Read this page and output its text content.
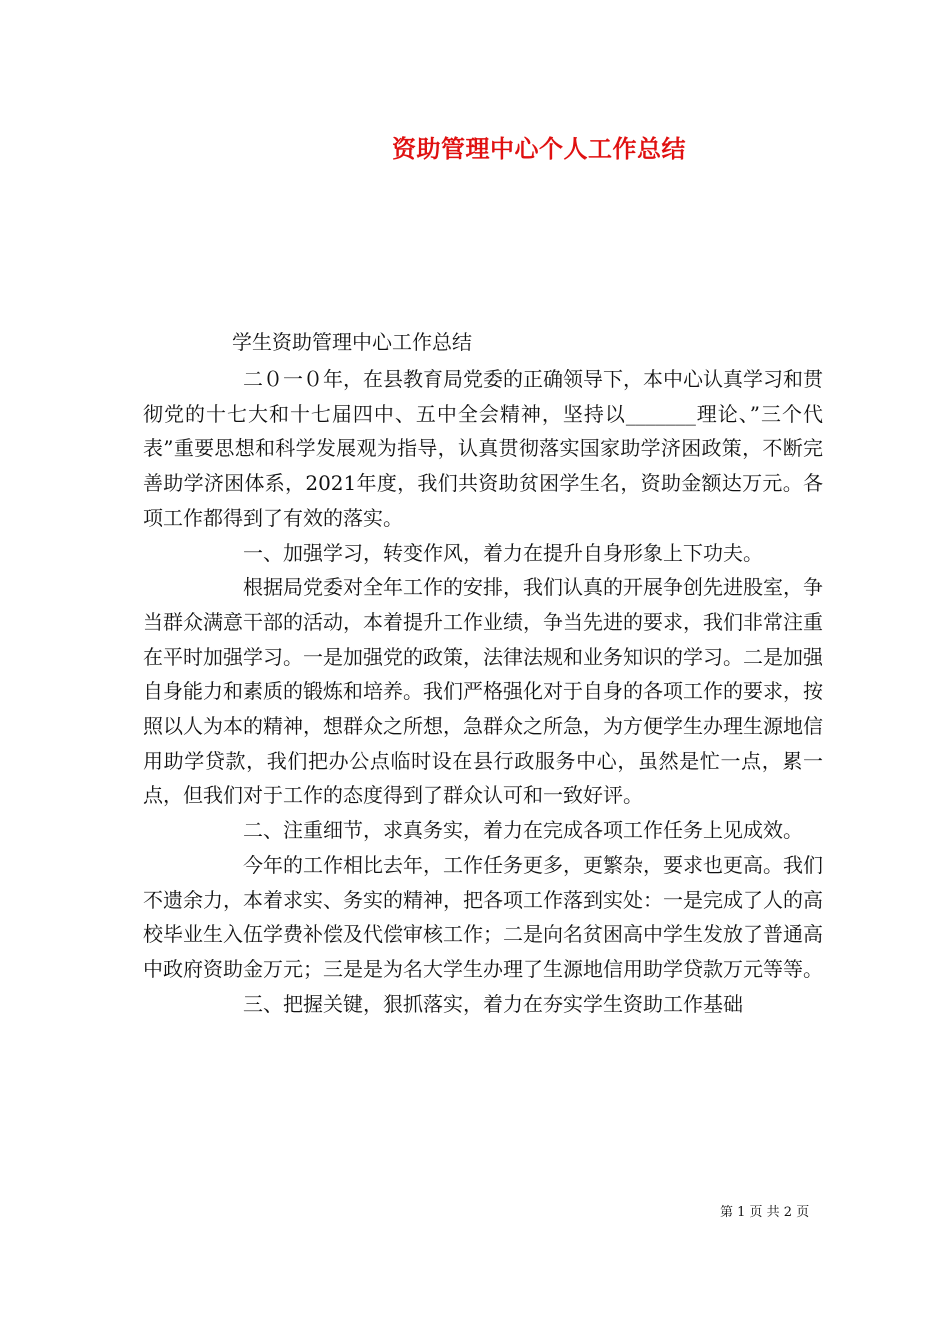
资助管理中心个人工作总结
学生资助管理中心工作总结

二０一０年，在县教育局党委的正确领导下，本中心认真学习和贯彻党的十七大和十七届四中、五中全会精神，坚持以_______理论、”三个代表”重要思想和科学发展观为指导，认真贯彻落实国家助学济困政策，不断完善助学济困体系，2021年度，我们共资助贫困学生名，资助金额达万元。各项工作都得到了有效的落实。

一、加强学习，转变作风，着力在提升自身形象上下功夫。

根据局党委对全年工作的安排，我们认真的开展争创先进股室，争当群众满意干部的活动，本着提升工作业绩，争当先进的要求，我们非常注重在平时加强学习。一是加强党的政策，法律法规和业务知识的学习。二是加强自身能力和素质的锻炼和培养。我们严格强化对于自身的各项工作的要求，按照以人为本的精神，想群众之所想，急群众之所急，为方便学生办理生源地信用助学贷款，我们把办公点临时设在县行政服务中心，虽然是忙一点，累一点，但我们对于工作的态度得到了群众认可和一致好评。

二、注重细节，求真务实，着力在完成各项工作任务上见成效。

今年的工作相比去年，工作任务更多，更繁杂，要求也更高。我们不遗余力，本着求实、务实的精神，把各项工作落到实处：一是完成了人的高校毕业生入伍学费补偿及代偿审核工作；二是向名贫困高中学生发放了普通高中政府资助金万元；三是是为名大学生办理了生源地信用助学贷款万元等等。

三、把握关键，狠抓落实，着力在夯实学生资助工作基础

第 1 页 共 2 页
